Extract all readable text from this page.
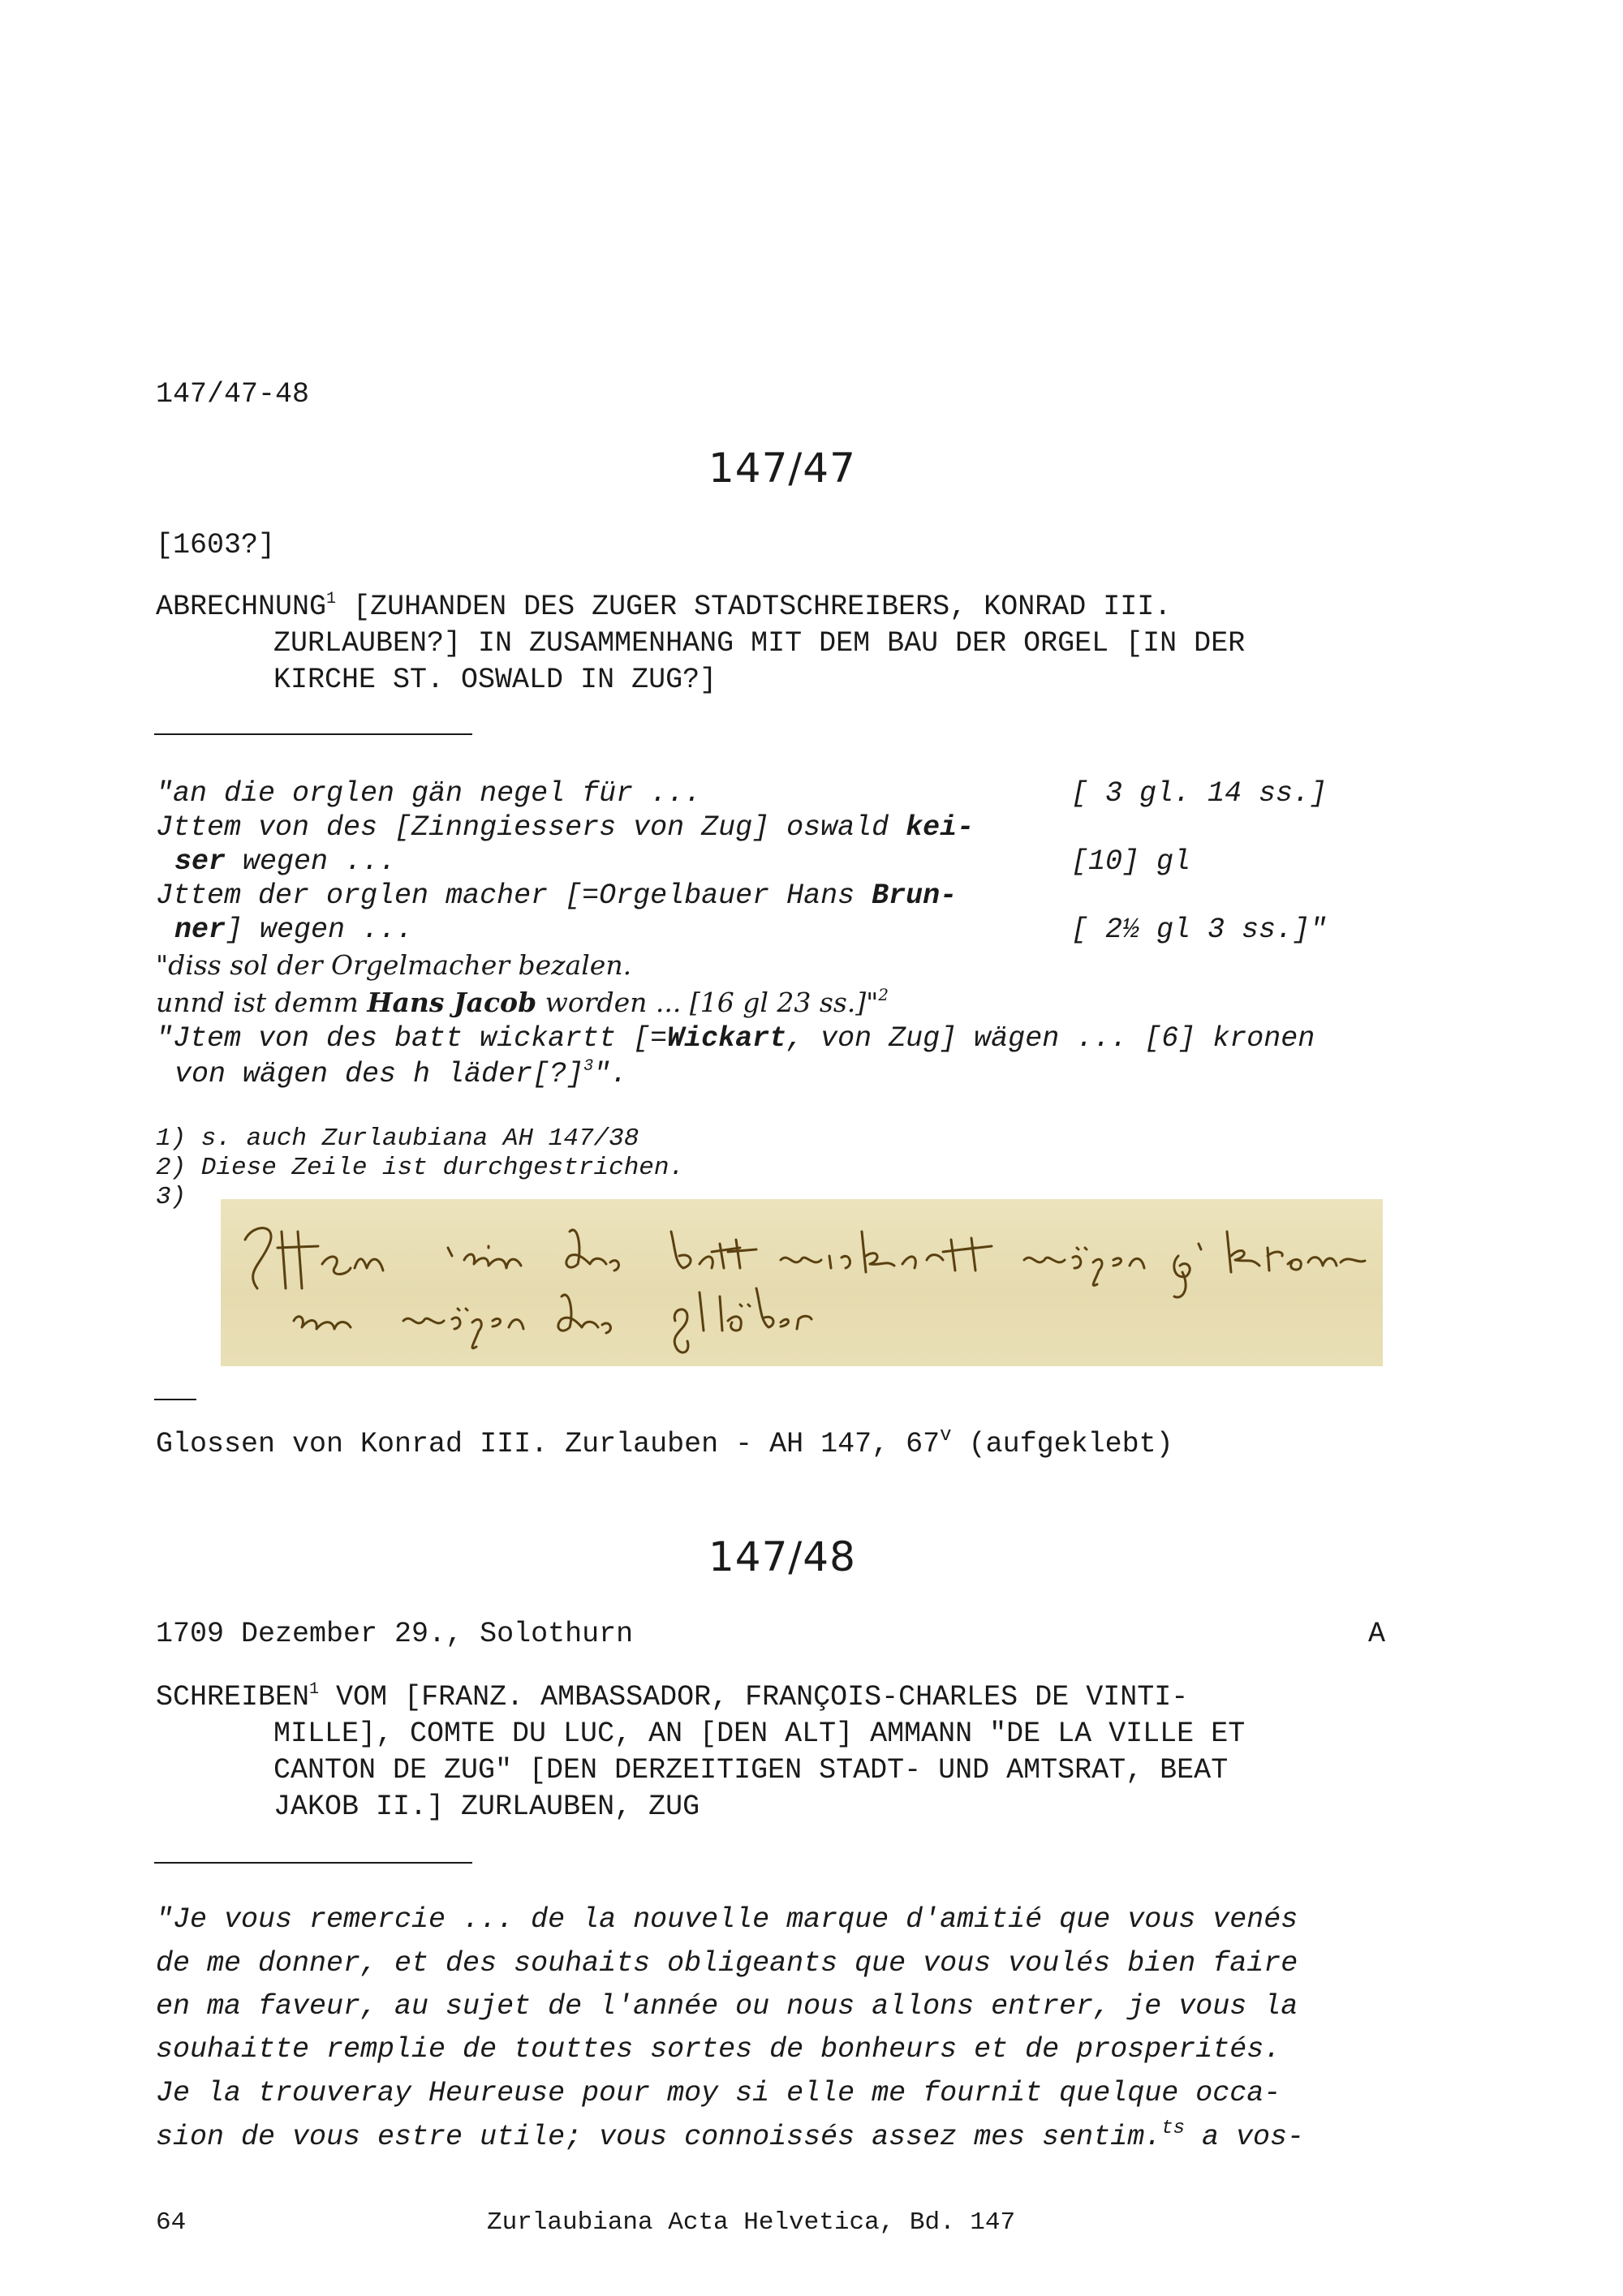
147/47-48
147/47
[1603?]
ABRECHNUNG$^1$ [ZUHANDEN DES ZUGER STADTSCHREIBERS, KONRAD III.
ZURLAUBEN?] IN ZUSAMMENHANG MIT DEM BAU DER ORGEL [IN DER
KIRCHE ST. OSWALD IN ZUG?]
"an die orglen gän negel für ...	[ 3 gl. 14 ss.]
Jttem von des [Zinngiessers von Zug] oswald kei-
ser wegen ...	[10] gl
Jttem der orglen macher [=Orgelbauer Hans Brun-
ner] wegen ...	[ 2½ gl 3 ss.]"
"diss sol der Orgelmacher bezalen.
unnd ist demm Hans Jacob worden ... [16 gl 23 ss.]"$^2$
"Jtem von des batt wickartt [=Wickart, von Zug] wägen ... [6] kronen
von wägen des h läder[?]$^3$".
1) s. auch Zurlaubiana AH 147/38
2) Diese Zeile ist durchgestrichen.
3)
Glossen von Konrad III. Zurlauben - AH 147, 67$^v$ (aufgeklebt)
147/48
1709 Dezember 29., Solothurn	A
SCHREIBEN$^1$ VOM [FRANZ. AMBASSADOR, FRANÇOIS-CHARLES DE VINTI-
MILLE], COMTE DU LUC, AN [DEN ALT] AMMANN "DE LA VILLE ET
CANTON DE ZUG" [DEN DERZEITIGEN STADT- UND AMTSRAT, BEAT
JAKOB II.] ZURLAUBEN, ZUG
"Je vous remercie ... de la nouvelle marque d'amitié que vous venés
de me donner, et des souhaits obligeants que vous voulés bien faire
en ma faveur, au sujet de l'année ou nous allons entrer, je vous la
souhaitte remplie de touttes sortes de bonheurs et de prosperités.
Je la trouveray Heureuse pour moy si elle me fournit quelque occa-
sion de vous estre utile; vous connoissés assez mes sentim.$^{ts}$ a vos-
64	Zurlaubiana Acta Helvetica, Bd. 147
